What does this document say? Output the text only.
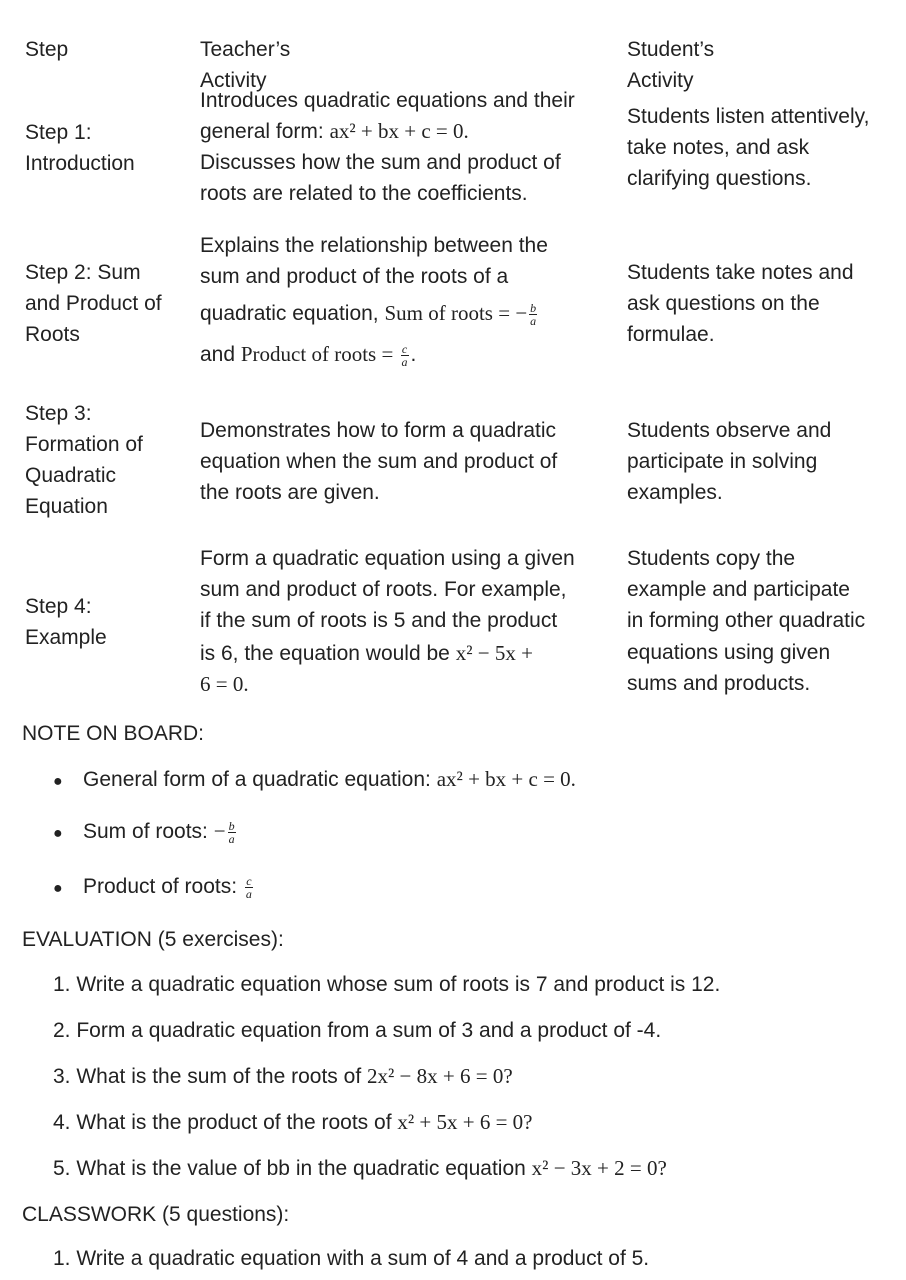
Step	Teacher’s Activity
Student’s Activity
Step 1:
Introduction
Introduces quadratic equations and their
general form: ax² + bx + c = 0.
Discusses how the sum and product of
roots are related to the coefficients.
Students listen attentively,
take notes, and ask
clarifying questions.
Step 2: Sum
and Product of
Roots
Explains the relationship between the
sum and product of the roots of a
quadratic equation, Sum of roots = − $\frac{b}{a}$
and Product of roots = $\frac{c}{a}$ .
Students take notes and
ask questions on the
formulae.
Step 3:
Formation of
Quadratic
Equation
Demonstrates how to form a quadratic
equation when the sum and product of
the roots are given.
Students observe and
participate in solving
examples.
Step 4:
Example
Form a quadratic equation using a given
sum and product of roots. For example,
if the sum of roots is 5 and the product
is 6, the equation would be x² − 5x +
6 = 0.
Students copy the
example and participate
in forming other quadratic
equations using given
sums and products.
NOTE ON BOARD:
● General form of a quadratic equation: ax² + bx + c = 0.
● Sum of roots: − $\frac{b}{a}$
● Product of roots: $\frac{c}{a}$
EVALUATION (5 exercises):
1. Write a quadratic equation whose sum of roots is 7 and product is 12.
2. Form a quadratic equation from a sum of 3 and a product of -4.
3. What is the sum of the roots of 2x² − 8x + 6 = 0?
4. What is the product of the roots of x² + 5x + 6 = 0?
5. What is the value of bb in the quadratic equation x² − 3x + 2 = 0?
CLASSWORK (5 questions):
1. Write a quadratic equation with a sum of 4 and a product of 5.
